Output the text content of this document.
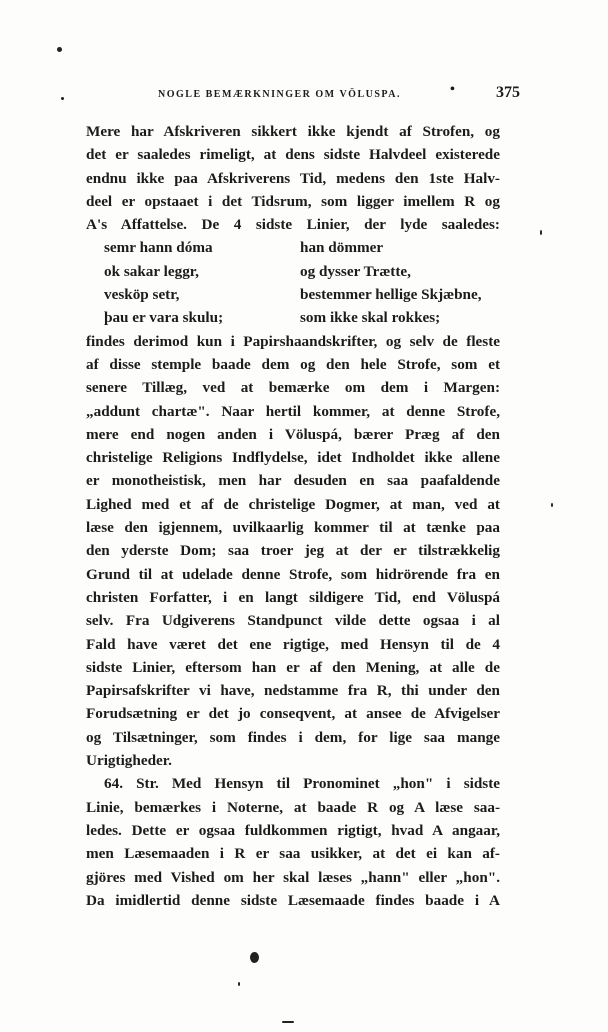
NOGLE BEMÆRKNINGER OM VÖLUSPA.	• 375
Mere har Afskriveren sikkert ikke kjendt af Strofen, og
det er saaledes rimeligt, at dens sidste Halvdeel existerede
endnu ikke paa Afskriverens Tid, medens den 1ste Halv-
deel er opstaaet i det Tidsrum, som ligger imellem R og
A's Affattelse. De 4 sidste Linier, der lyde saaledes:
semr hann dóma	han dömmer
ok sakar leggr,	og dysser Trætte,
vesköp setr,	bestemmer hellige Skjæbne,
þau er vara skulu;	som ikke skal rokkes;
findes derimod kun i Papirshaandskrifter, og selv de fleste
af disse stemple baade dem og den hele Strofe, som et
senere Tillæg, ved at bemærke om dem i Margen:
„addunt chartæ". Naar hertil kommer, at denne Strofe,
mere end nogen anden i Völuspá, bærer Præg af den
christelige Religions Indflydelse, idet Indholdet ikke allene
er monotheistisk, men har desuden en saa paafaldende
Lighed med et af de christelige Dogmer, at man, ved at
læse den igjennem, uvilkaarlig kommer til at tænke paa
den yderste Dom; saa troer jeg at der er tilstrækkelig
Grund til at udelade denne Strofe, som hidrörende fra en
christen Forfatter, i en langt sildigere Tid, end Völuspá
selv. Fra Udgiverens Standpunct vilde dette ogsaa i al
Fald have været det ene rigtige, med Hensyn til de 4
sidste Linier, eftersom han er af den Mening, at alle de
Papirsafskrifter vi have, nedstamme fra R, thi under den
Forudsætning er det jo conseqvent, at ansee de Afvigelser
og Tilsætninger, som findes i dem, for lige saa mange
Urigtigheder.
64. Str. Med Hensyn til Pronominet „hon" i sidste
Linie, bemærkes i Noterne, at baade R og A læse saa-
ledes. Dette er ogsaa fuldkommen rigtigt, hvad A angaar,
men Læsemaaden i R er saa usikker, at det ei kan af-
gjöres med Vished om her skal læses „hann" eller „hon".
Da imidlertid denne sidste Læsemaade findes baade i A
